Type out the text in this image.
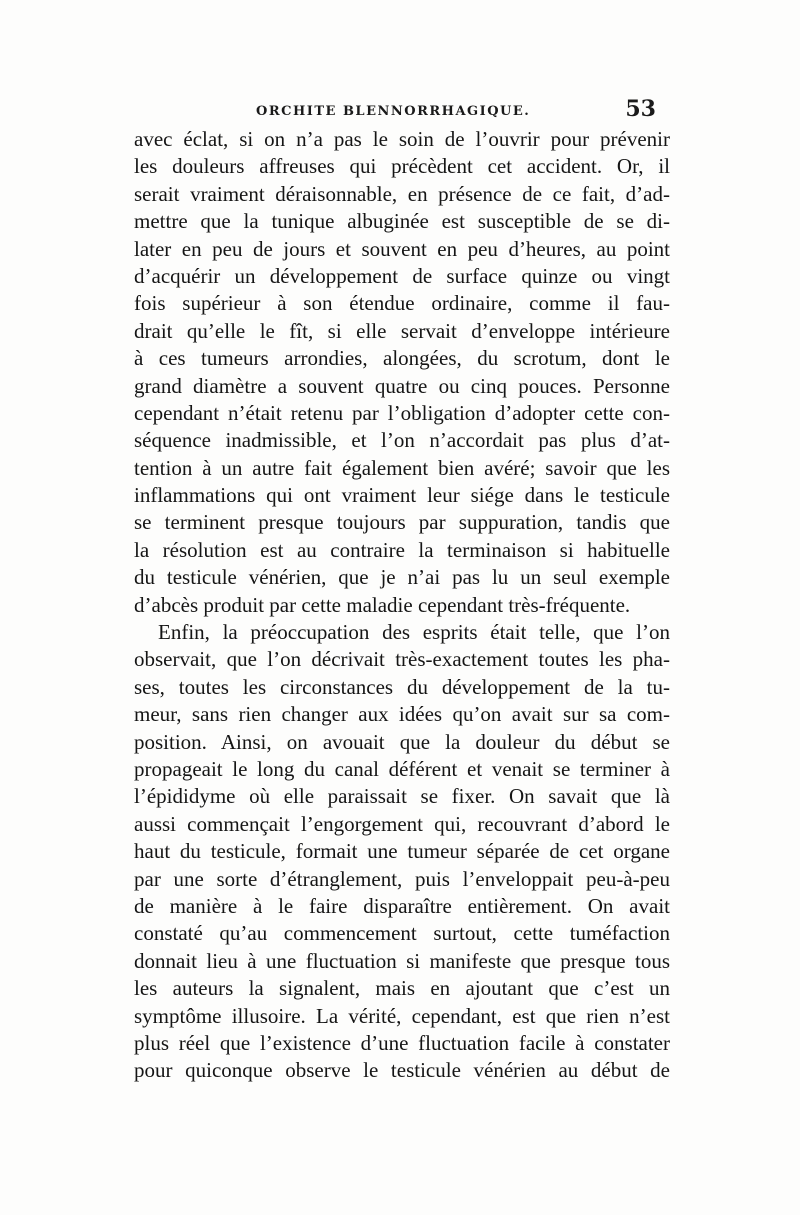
ORCHITE BLENNORRHAGIQUE.	53
avec éclat, si on n’a pas le soin de l’ouvrir pour prévenir
les douleurs affreuses qui précèdent cet accident. Or, il
serait vraiment déraisonnable, en présence de ce fait, d’ad-
mettre que la tunique albuginée est susceptible de se di-
later en peu de jours et souvent en peu d’heures, au point
d’acquérir un développement de surface quinze ou vingt
fois supérieur à son étendue ordinaire, comme il fau-
drait qu’elle le fît, si elle servait d’enveloppe intérieure
à ces tumeurs arrondies, alongées, du scrotum, dont le
grand diamètre a souvent quatre ou cinq pouces. Personne
cependant n’était retenu par l’obligation d’adopter cette con-
séquence inadmissible, et l’on n’accordait pas plus d’at-
tention à un autre fait également bien avéré; savoir que les
inflammations qui ont vraiment leur siége dans le testicule
se terminent presque toujours par suppuration, tandis que
la résolution est au contraire la terminaison si habituelle
du testicule vénérien, que je n’ai pas lu un seul exemple
d’abcès produit par cette maladie cependant très-fréquente.
Enfin, la préoccupation des esprits était telle, que l’on
observait, que l’on décrivait très-exactement toutes les pha-
ses, toutes les circonstances du développement de la tu-
meur, sans rien changer aux idées qu’on avait sur sa com-
position. Ainsi, on avouait que la douleur du début se
propageait le long du canal déférent et venait se terminer à
l’épididyme où elle paraissait se fixer. On savait que là
aussi commençait l’engorgement qui, recouvrant d’abord le
haut du testicule, formait une tumeur séparée de cet organe
par une sorte d’étranglement, puis l’enveloppait peu-à-peu
de manière à le faire disparaître entièrement. On avait
constaté qu’au commencement surtout, cette tuméfaction
donnait lieu à une fluctuation si manifeste que presque tous
les auteurs la signalent, mais en ajoutant que c’est un
symptôme illusoire. La vérité, cependant, est que rien n’est
plus réel que l’existence d’une fluctuation facile à constater
pour quiconque observe le testicule vénérien au début de
